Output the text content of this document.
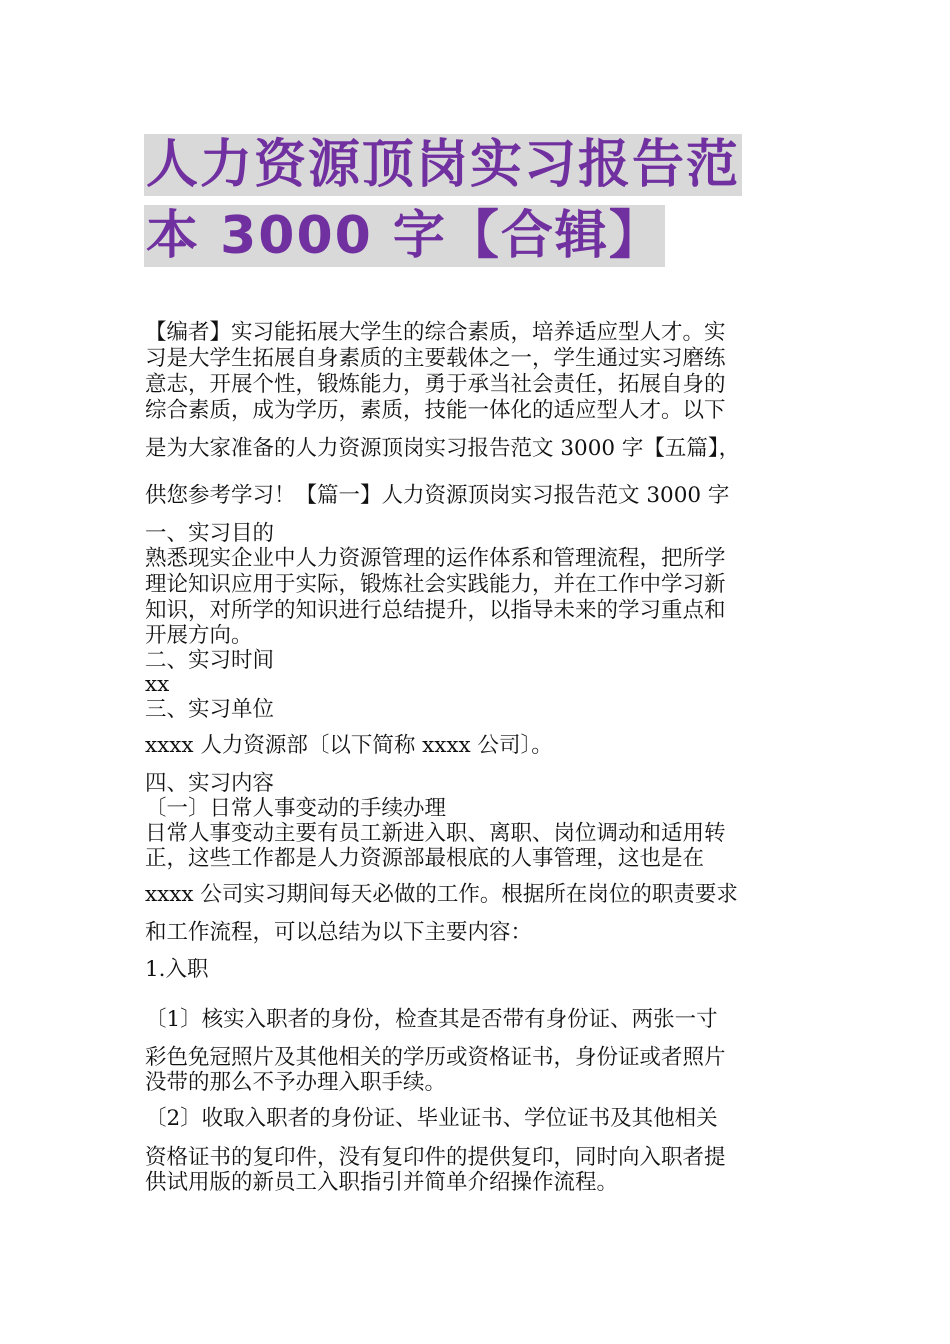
人力资源顶岗实习报告范
本 3000 字【合辑】
【编者】实习能拓展大学生的综合素质，培养适应型人才。实
习是大学生拓展自身素质的主要载体之一，学生通过实习磨练
意志，开展个性，锻炼能力，勇于承当社会责任，拓展自身的
综合素质，成为学历，素质，技能一体化的适应型人才。以下
是为大家准备的人力资源顶岗实习报告范文 3000 字【五篇】，
供您参考学习！【篇一】人力资源顶岗实习报告范文 3000 字
一、实习目的
熟悉现实企业中人力资源管理的运作体系和管理流程，把所学
理论知识应用于实际，锻炼社会实践能力，并在工作中学习新
知识，对所学的知识进行总结提升，以指导未来的学习重点和
开展方向。
二、实习时间
xx
三、实习单位
xxxx 人力资源部〔以下简称 xxxx 公司〕。
四、实习内容
〔一〕日常人事变动的手续办理
日常人事变动主要有员工新进入职、离职、岗位调动和适用转
正，这些工作都是人力资源部最根底的人事管理，这也是在
xxxx 公司实习期间每天必做的工作。根据所在岗位的职责要求
和工作流程，可以总结为以下主要内容：
1.入职
〔1〕核实入职者的身份，检查其是否带有身份证、两张一寸
彩色免冠照片及其他相关的学历或资格证书，身份证或者照片
没带的那么不予办理入职手续。
〔2〕收取入职者的身份证、毕业证书、学位证书及其他相关
资格证书的复印件，没有复印件的提供复印，同时向入职者提
供试用版的新员工入职指引并简单介绍操作流程。
